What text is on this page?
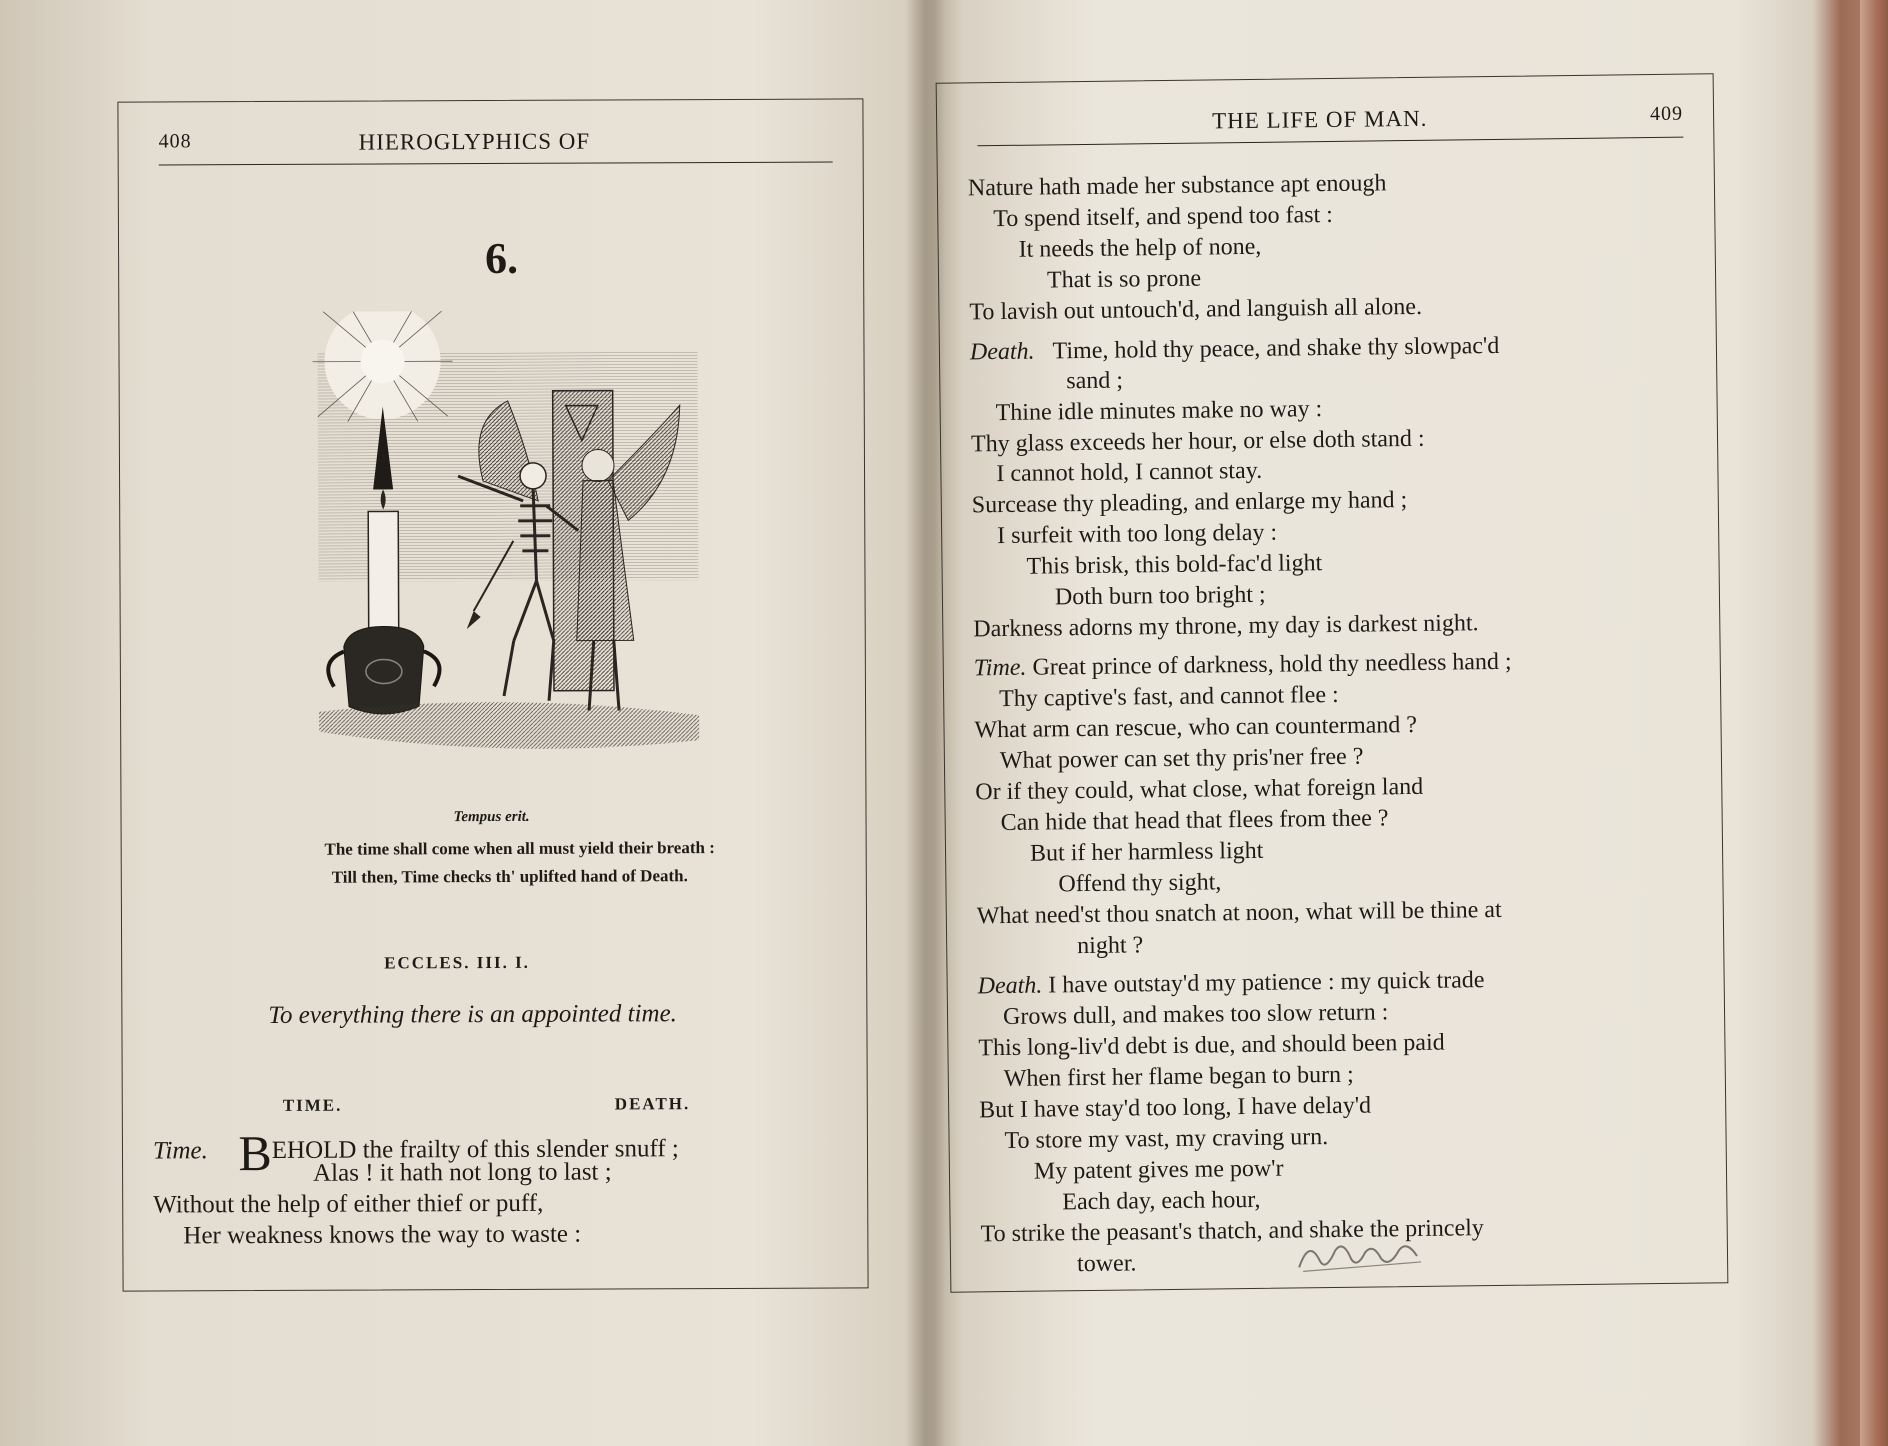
408	HIEROGLYPHICS OF
6.
Tempus erit.
The time shall come when all must yield their breath :
Till then, Time checks th' uplifted hand of Death.
ECCLES. III. I.
To everything there is an appointed time.
TIME.	DEATH.
Time. BEHOLD the frailty of this slender snuff ;
Alas ! it hath not long to last ;
Without the help of either thief or puff,
Her weakness knows the way to waste :
THE LIFE OF MAN.	409
Nature hath made her substance apt enough
To spend itself, and spend too fast :
It needs the help of none,
That is so prone
To lavish out untouch'd, and languish all alone.
Death. Time, hold thy peace, and shake thy slowpac'd
sand ;
Thine idle minutes make no way :
Thy glass exceeds her hour, or else doth stand :
I cannot hold, I cannot stay.
Surcease thy pleading, and enlarge my hand ;
I surfeit with too long delay :
This brisk, this bold-fac'd light
Doth burn too bright ;
Darkness adorns my throne, my day is darkest night.
Time. Great prince of darkness, hold thy needless hand ;
Thy captive's fast, and cannot flee :
What arm can rescue, who can countermand ?
What power can set thy pris'ner free ?
Or if they could, what close, what foreign land
Can hide that head that flees from thee ?
But if her harmless light
Offend thy sight,
What need'st thou snatch at noon, what will be thine at
night ?
Death. I have outstay'd my patience : my quick trade
Grows dull, and makes too slow return :
This long-liv'd debt is due, and should been paid
When first her flame began to burn ;
But I have stay'd too long, I have delay'd
To store my vast, my craving urn.
My patent gives me pow'r
Each day, each hour,
To strike the peasant's thatch, and shake the princely
tower.
